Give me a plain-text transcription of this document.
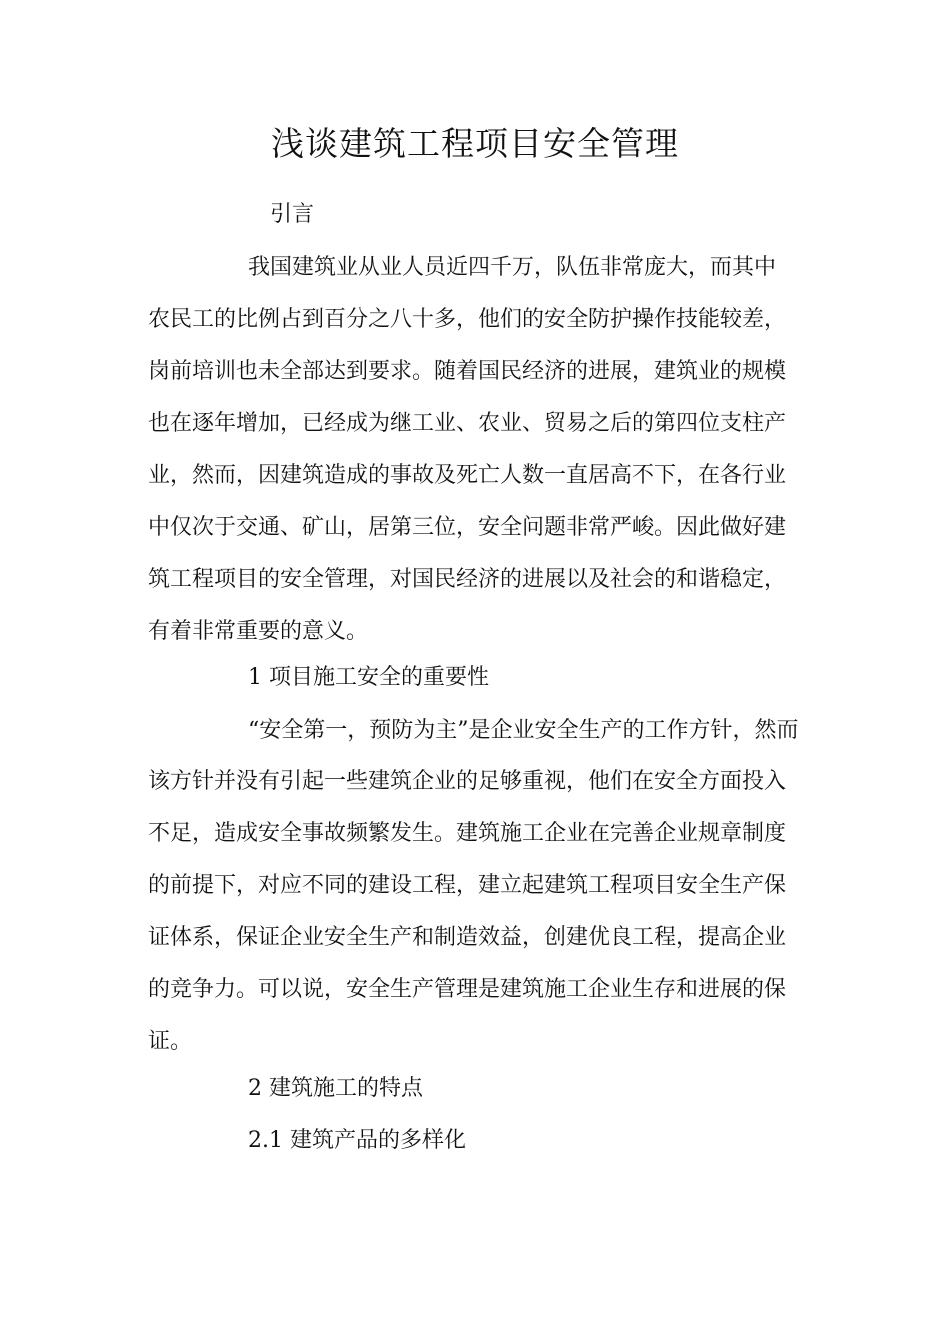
浅谈建筑工程项目安全管理

引言

我国建筑业从业人员近四千万，队伍非常庞大，而其中

农民工的比例占到百分之八十多，他们的安全防护操作技能较差，

岗前培训也未全部达到要求。随着国民经济的进展，建筑业的规模

也在逐年增加，已经成为继工业、农业、贸易之后的第四位支柱产

业，然而，因建筑造成的事故及死亡人数一直居高不下，在各行业

中仅次于交通、矿山，居第三位，安全问题非常严峻。因此做好建

筑工程项目的安全管理，对国民经济的进展以及社会的和谐稳定，

有着非常重要的意义。

1 项目施工安全的重要性

“安全第一，预防为主”是企业安全生产的工作方针，然而

该方针并没有引起一些建筑企业的足够重视，他们在安全方面投入

不足，造成安全事故频繁发生。建筑施工企业在完善企业规章制度

的前提下，对应不同的建设工程，建立起建筑工程项目安全生产保

证体系，保证企业安全生产和制造效益，创建优良工程，提高企业

的竞争力。可以说，安全生产管理是建筑施工企业生存和进展的保

证。

2 建筑施工的特点

2.1 建筑产品的多样化
